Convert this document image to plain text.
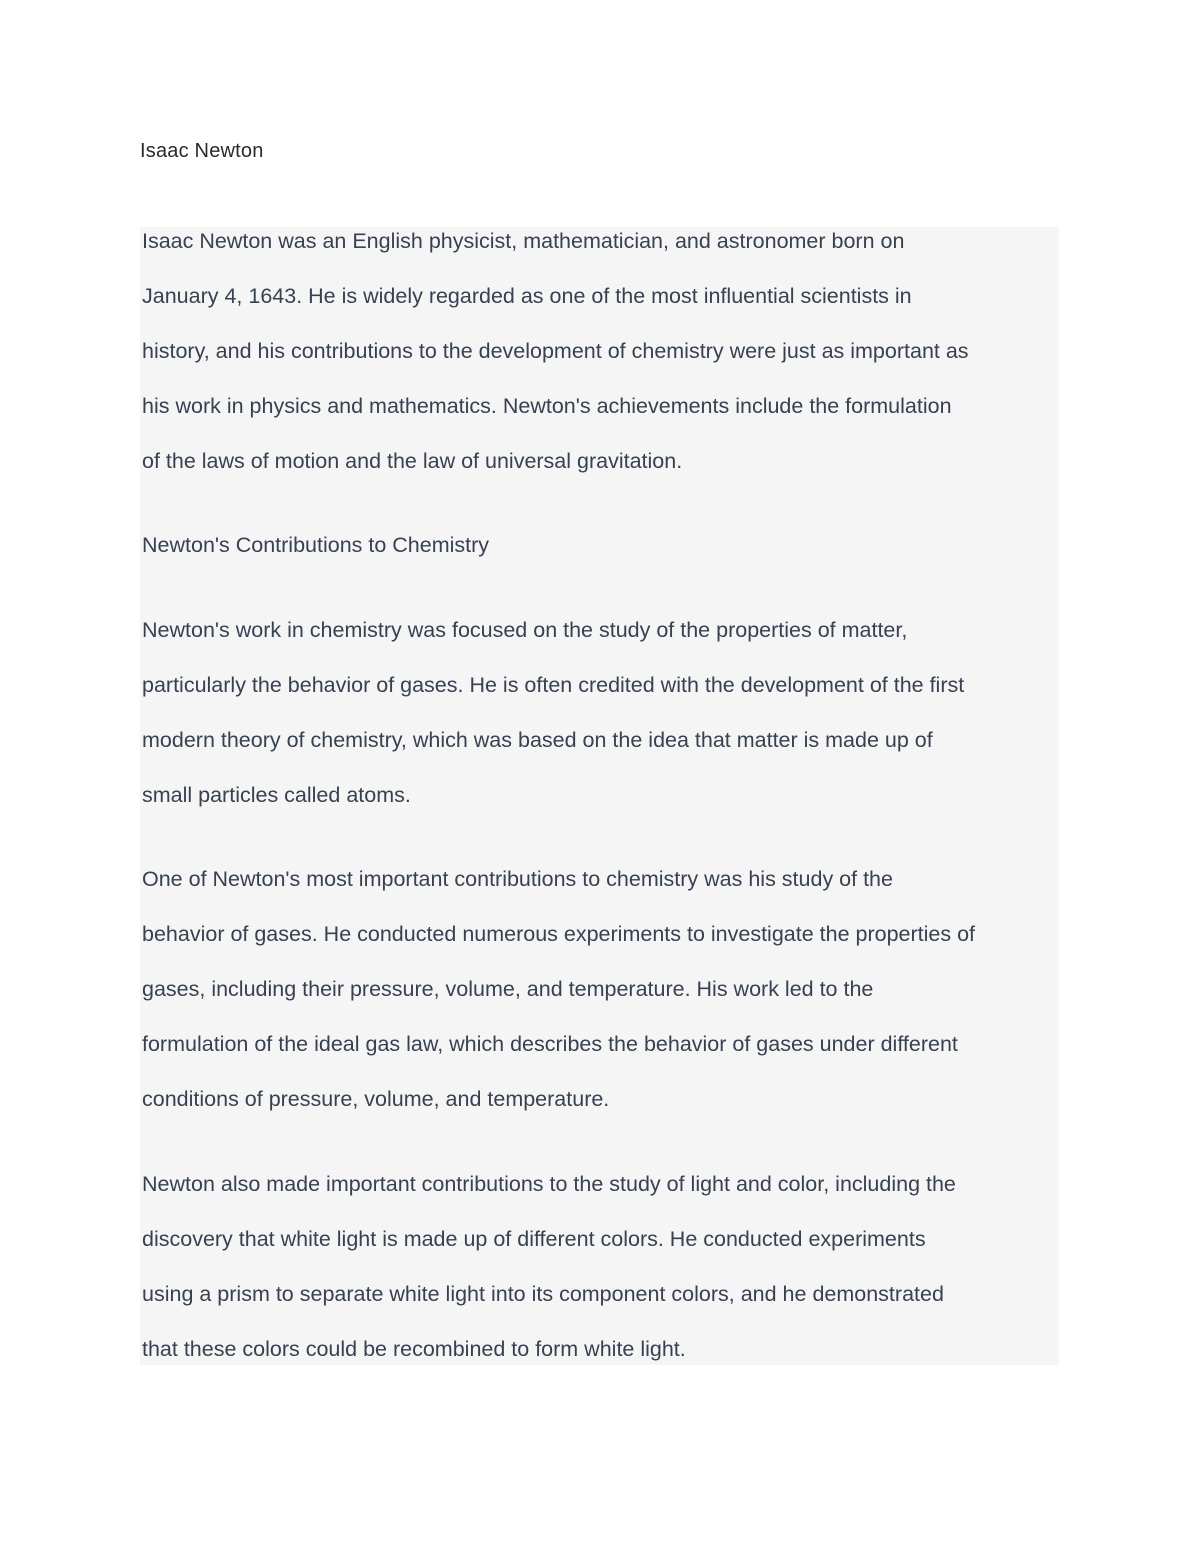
Isaac Newton

Isaac Newton was an English physicist, mathematician, and astronomer born on
January 4, 1643. He is widely regarded as one of the most influential scientists in
history, and his contributions to the development of chemistry were just as important as
his work in physics and mathematics. Newton's achievements include the formulation
of the laws of motion and the law of universal gravitation.

Newton's Contributions to Chemistry

Newton's work in chemistry was focused on the study of the properties of matter,
particularly the behavior of gases. He is often credited with the development of the first
modern theory of chemistry, which was based on the idea that matter is made up of
small particles called atoms.

One of Newton's most important contributions to chemistry was his study of the
behavior of gases. He conducted numerous experiments to investigate the properties of
gases, including their pressure, volume, and temperature. His work led to the
formulation of the ideal gas law, which describes the behavior of gases under different
conditions of pressure, volume, and temperature.

Newton also made important contributions to the study of light and color, including the
discovery that white light is made up of different colors. He conducted experiments
using a prism to separate white light into its component colors, and he demonstrated
that these colors could be recombined to form white light.
